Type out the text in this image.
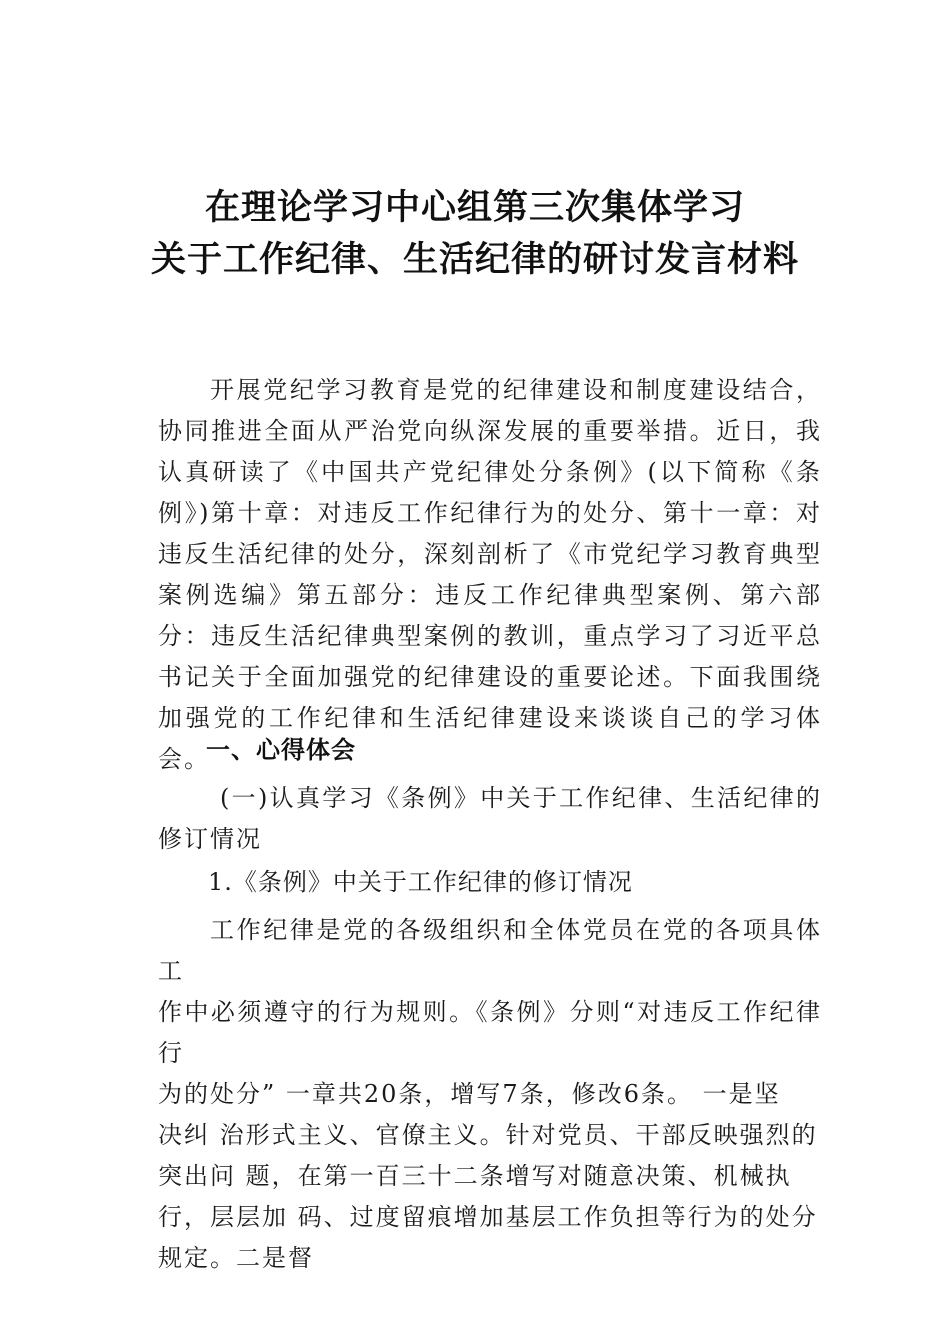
在理论学习中心组第三次集体学习
关于工作纪律、生活纪律的研讨发言材料

开展党纪学习教育是党的纪律建设和制度建设结合，协同推进全面从严治党向纵深发展的重要举措。近日，我认真研读了《中国共产党纪律处分条例》(以下简称《条例》)第十章：对违反工作纪律行为的处分、第十一章：对违反生活纪律的处分，深刻剖析了《市党纪学习教育典型案例选编》第五部分：违反工作纪律典型案例、第六部分：违反生活纪律典型案例的教训，重点学习了习近平总书记关于全面加强党的纪律建设的重要论述。下面我围绕加强党的工作纪律和生活纪律建设来谈谈自己的学习体会。

一、心得体会

(一)认真学习《条例》中关于工作纪律、生活纪律的修订情况

1.《条例》中关于工作纪律的修订情况

工作纪律是党的各级组织和全体党员在党的各项具体工
作中必须遵守的行为规则。《条例》分则“对违反工作纪律行
为的处分” 一章共20条，增写7条，修改6条。 一是坚
决纠 治形式主义、官僚主义。针对党员、干部反映强烈的
突出问 题，在第一百三十二条增写对随意决策、机械执
行，层层加 码、过度留痕增加基层工作负担等行为的处分
规定。二是督
